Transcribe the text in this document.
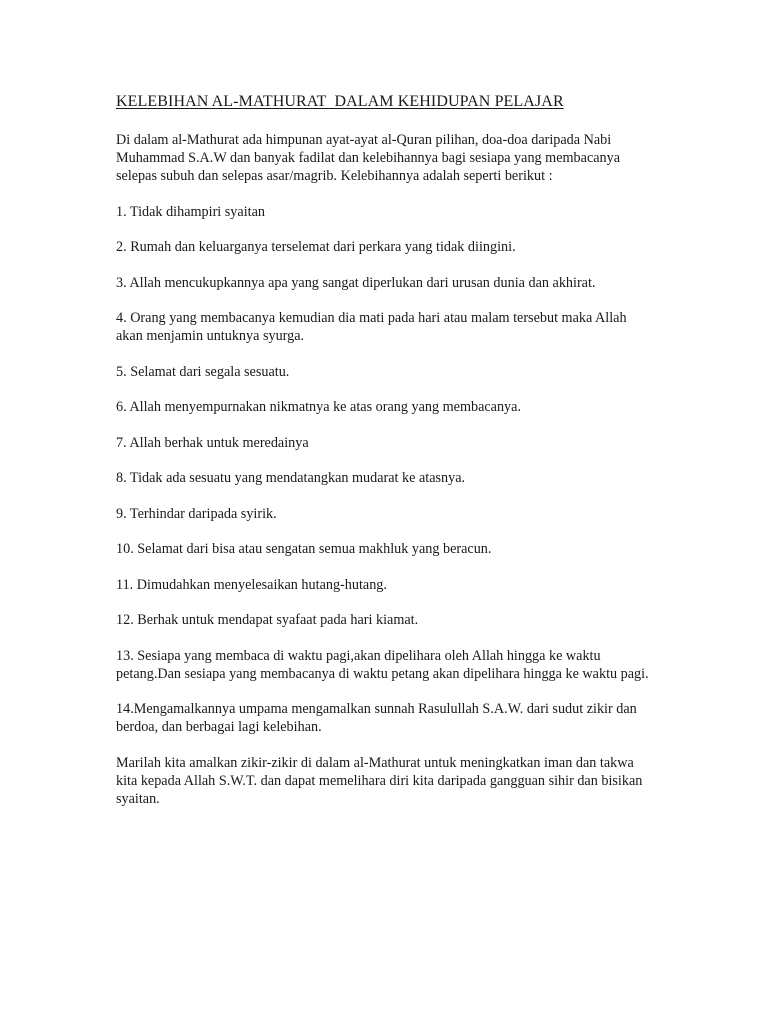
KELEBIHAN AL-MATHURAT  DALAM KEHIDUPAN PELAJAR

Di dalam al-Mathurat ada himpunan ayat-ayat al-Quran pilihan, doa-doa daripada Nabi Muhammad S.A.W dan banyak fadilat dan kelebihannya bagi sesiapa yang membacanya selepas subuh dan selepas asar/magrib. Kelebihannya adalah seperti berikut :

1. Tidak dihampiri syaitan

2. Rumah dan keluarganya terselemat dari perkara yang tidak diingini.

3. Allah mencukupkannya apa yang sangat diperlukan dari urusan dunia dan akhirat.

4. Orang yang membacanya kemudian dia mati pada hari atau malam tersebut maka Allah akan menjamin untuknya syurga.

5. Selamat dari segala sesuatu.

6. Allah menyempurnakan nikmatnya ke atas orang yang membacanya.

7. Allah berhak untuk meredainya

8. Tidak ada sesuatu yang mendatangkan mudarat ke atasnya.

9. Terhindar daripada syirik.

10. Selamat dari bisa atau sengatan semua makhluk yang beracun.

11. Dimudahkan menyelesaikan hutang-hutang.

12. Berhak untuk mendapat syafaat pada hari kiamat.

13. Sesiapa yang membaca di waktu pagi,akan dipelihara oleh Allah hingga ke waktu petang.Dan sesiapa yang membacanya di waktu petang akan dipelihara hingga ke waktu pagi.

14.Mengamalkannya umpama mengamalkan sunnah Rasulullah S.A.W. dari sudut zikir dan berdoa, dan berbagai lagi kelebihan.

Marilah kita amalkan zikir-zikir di dalam al-Mathurat untuk meningkatkan iman dan takwa kita kepada Allah S.W.T. dan dapat memelihara diri kita daripada gangguan sihir dan bisikan syaitan.
